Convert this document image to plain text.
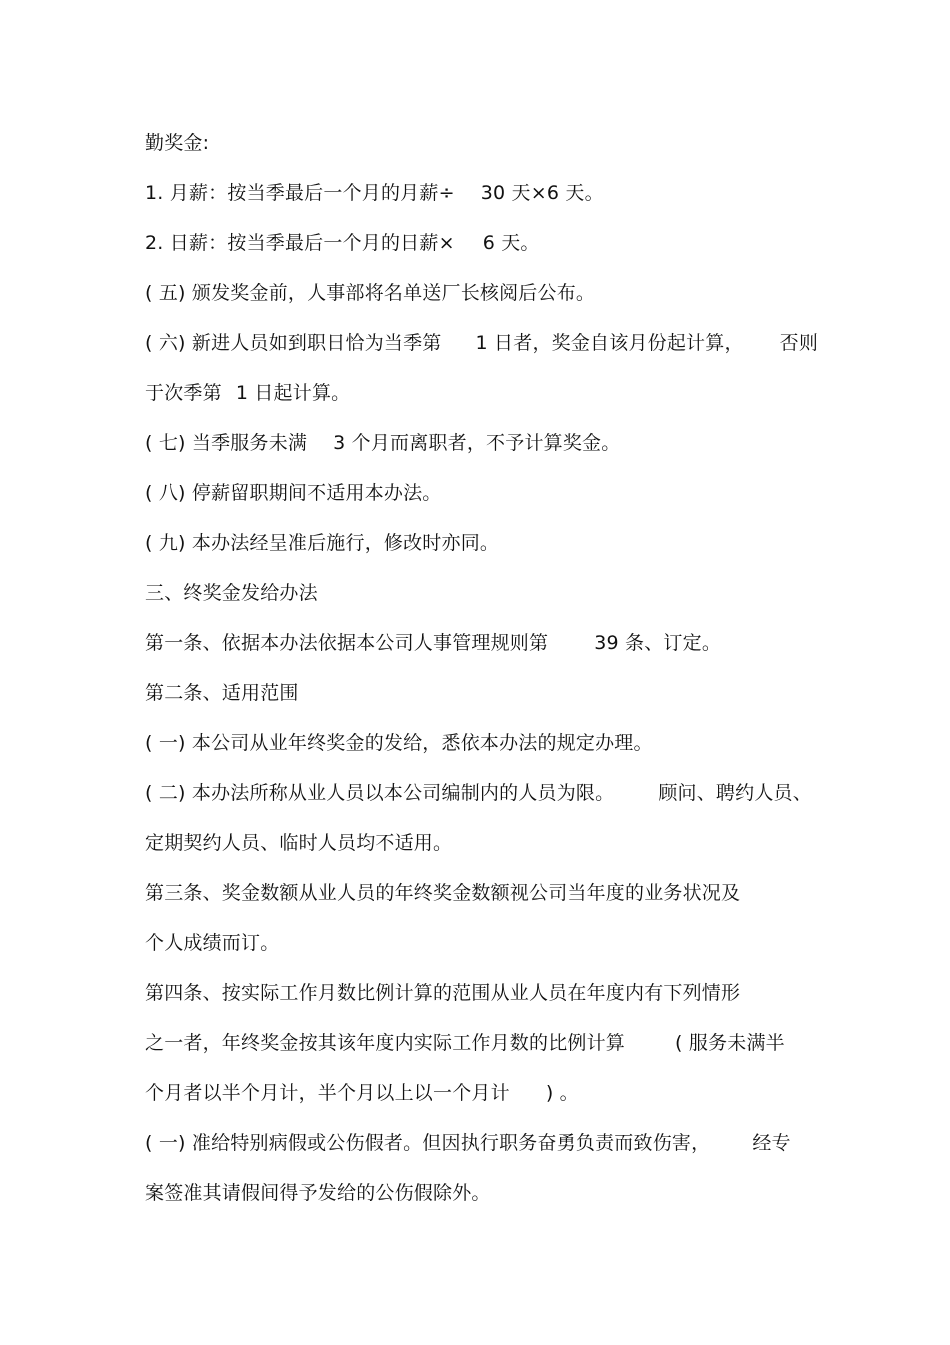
勤奖金:
1. 月薪：按当季最后一个月的月薪÷ 30 天×6 天。
2. 日薪：按当季最后一个月的日薪× 6 天。
( 五) 颁发奖金前，人事部将名单送厂长核阅后公布。
( 六) 新进人员如到职日恰为当季第 1 日者，奖金自该月份起计算， 否则
于次季第 1 日起计算。
( 七) 当季服务未满 3 个月而离职者，不予计算奖金。
( 八) 停薪留职期间不适用本办法。
( 九) 本办法经呈准后施行，修改时亦同。
三、终奖金发给办法
第一条、依据本办法依据本公司人事管理规则第 39 条、订定。
第二条、适用范围
( 一) 本公司从业年终奖金的发给，悉依本办法的规定办理。
( 二) 本办法所称从业人员以本公司编制内的人员为限。 顾问、聘约人员、
定期契约人员、临时人员均不适用。
第三条、奖金数额从业人员的年终奖金数额视公司当年度的业务状况及
个人成绩而订。
第四条、按实际工作月数比例计算的范围从业人员在年度内有下列情形
之一者，年终奖金按其该年度内实际工作月数的比例计算	( 服务未满半
个月者以半个月计，半个月以上以一个月计 ) 。
( 一) 准给特别病假或公伤假者。但因执行职务奋勇负责而致伤害， 经专
案签准其请假间得予发给的公伤假除外。
